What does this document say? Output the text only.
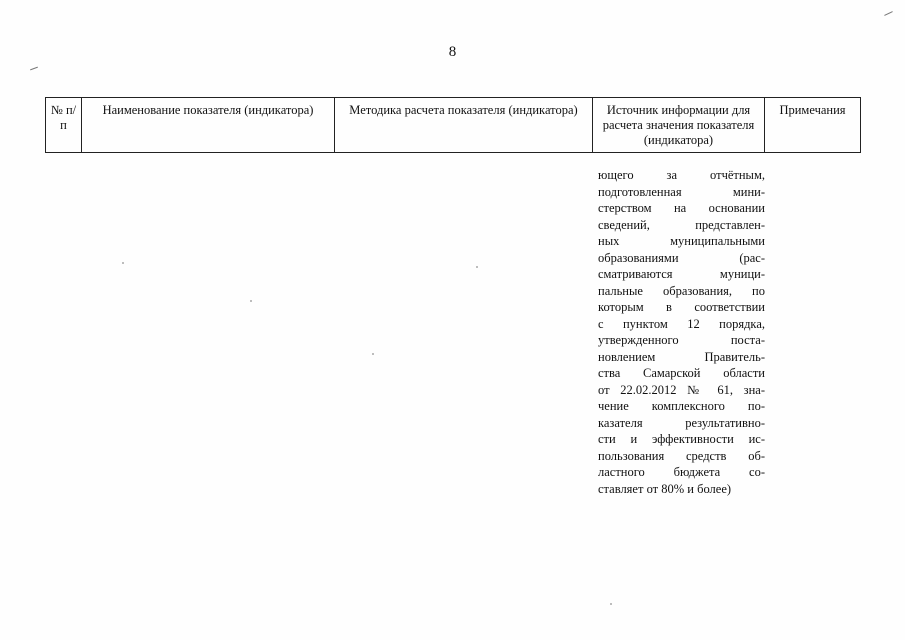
8
№ п/п	Наименование показателя (индикатора)	Методика расчета показателя (индикатора)	Источник информации для расчета значения показателя (индикатора)	Примечания
ющего за отчётным,
подготовленная мини-
стерством на основании
сведений, представлен-
ных муниципальными
образованиями (рас-
сматриваются муници-
пальные образования, по
которым в соответствии
с пунктом 12 порядка,
утвержденного поста-
новлением Правитель-
ства Самарской области
от 22.02.2012 № 61, зна-
чение комплексного по-
казателя результативно-
сти и эффективности ис-
пользования средств об-
ластного бюджета со-
ставляет от 80% и более)
